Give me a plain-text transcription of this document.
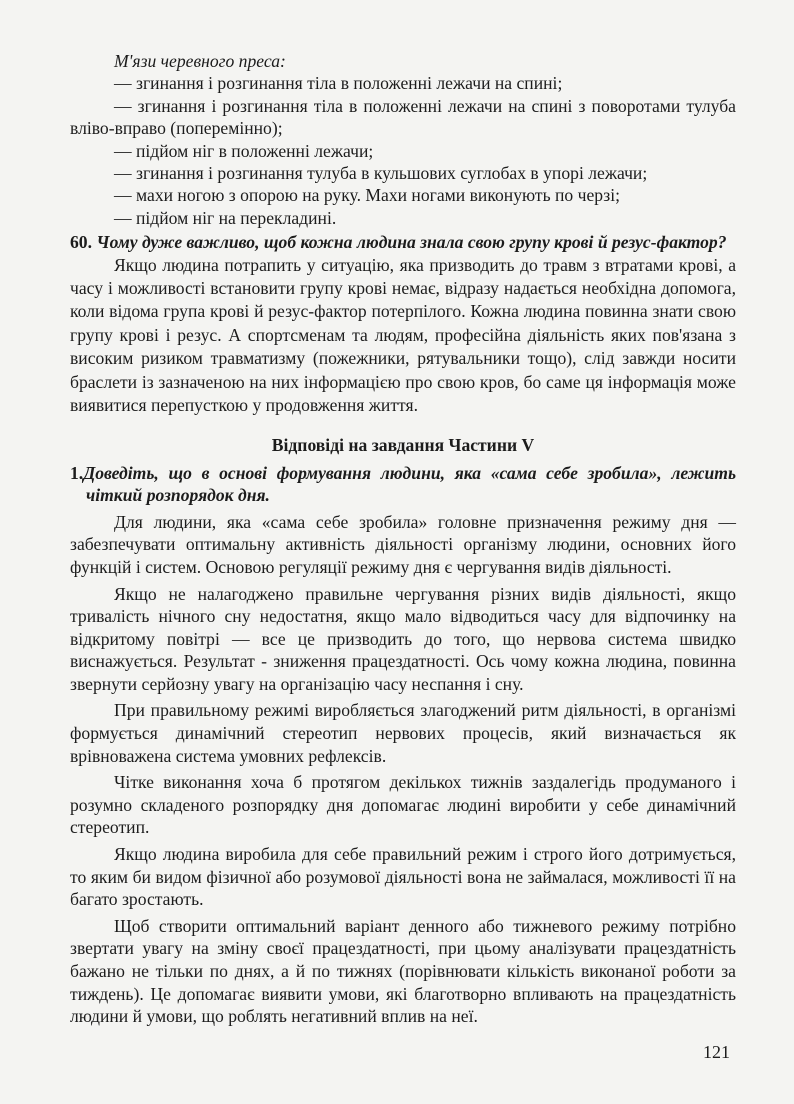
М'язи черевного преса:

— згинання і розгинання тіла в положенні лежачи на спині;

— згинання і розгинання тіла в положенні лежачи на спині з поворотами тулуба вліво-вправо (поперемінно);

— підйом ніг в положенні лежачи;

— згинання і розгинання тулуба в кульшових суглобах в упорі лежачи;

— махи ногою з опорою на руку. Махи ногами виконують по черзі;

— підйом ніг на перекладині.

60. Чому дуже важливо, щоб кожна людина знала свою групу крові й резус-фактор?

Якщо людина потрапить у ситуацію, яка призводить до травм з втратами крові, а часу і можливості встановити групу крові немає, відразу надається необхідна допомога, коли відома група крові й резус-фактор потерпілого. Кожна людина повинна знати свою групу крові і резус. А спортсменам та людям, професійна діяльність яких пов'язана з високим ризиком травматизму (пожежники, рятувальники тощо), слід завжди носити браслети із зазначеною на них інформацією про свою кров, бо саме ця інформація може виявитися перепусткою у продовження життя.

Відповіді на завдання Частини V

1.Доведіть, що в основі формування людини, яка «сама себе зробила», лежить чіткий розпорядок дня.

Для людини, яка «сама себе зробила» головне призначення режиму дня — забезпечувати оптимальну активність діяльності організму людини, основних його функцій і систем. Основою регуляції режиму дня є чергування видів діяльності.

Якщо не налагоджено правильне чергування різних видів діяльності, якщо тривалість нічного сну недостатня, якщо мало відводиться часу для відпочинку на відкритому повітрі — все це призводить до того, що нервова система швидко виснажується. Результат - зниження працездатності. Ось чому кожна людина, повинна звернути серйозну увагу на організацію часу неспання і сну.

При правильному режимі виробляється злагоджений ритм діяльності, в організмі формується динамічний стереотип нервових процесів, який визначається як врівноважена система умовних рефлексів.

Чітке виконання хоча б протягом декількох тижнів заздалегідь продуманого і розумно складеного розпорядку дня допомагає людині виробити у себе динамічний стереотип.

Якщо людина виробила для себе правильний режим і строго його дотримується, то яким би видом фізичної або розумової діяльності вона не займалася, можливості її на багато зростають.

Щоб створити оптимальний варіант денного або тижневого режиму потрібно звертати увагу на зміну своєї працездатності, при цьому аналізувати працездатність бажано не тільки по днях, а й по тижнях (порівнювати кількість виконаної роботи за тиждень). Це допомагає виявити умови, які благотворно впливають на працездатність людини й умови, що роблять негативний вплив на неї.

121
